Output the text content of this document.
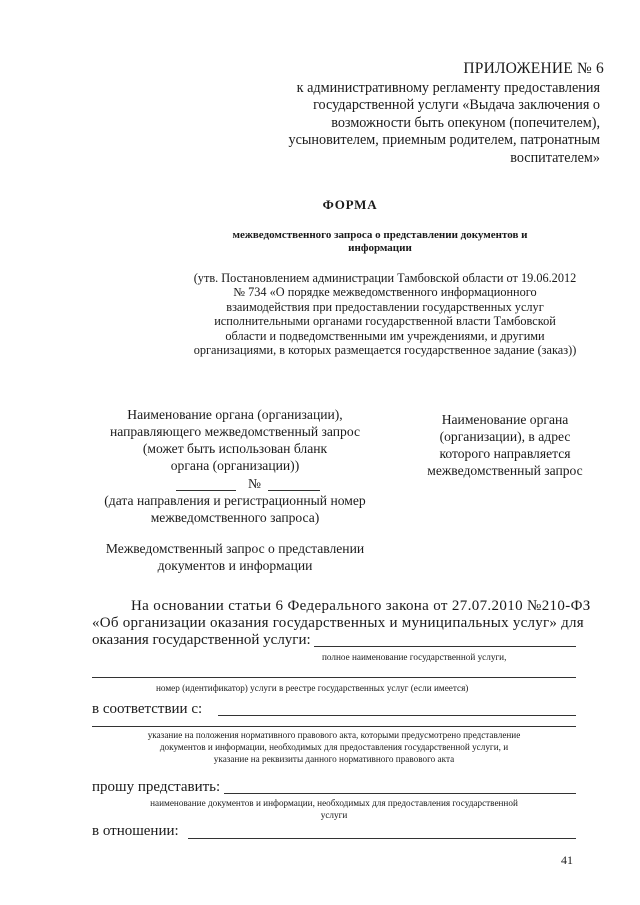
ПРИЛОЖЕНИЕ № 6
к административному регламенту предоставления
государственной услуги «Выдача заключения о
возможности быть опекуном (попечителем),
усыновителем, приемным родителем, патронатным
воспитателем»
ФОРМА
межведомственного запроса о представлении документов и
информации
(утв. Постановлением администрации Тамбовской области от 19.06.2012
№ 734 «О порядке межведомственного информационного
взаимодействия при предоставлении государственных услуг
исполнительными органами государственной власти Тамбовской
области и подведомственными им учреждениями, и другими
организациями, в которых размещается государственное задание (заказ))
Наименование органа (организации),
направляющего межведомственный запрос
(может быть использован бланк
органа (организации))
№
(дата направления и регистрационный номер
межведомственного запроса)
Межведомственный запрос о представлении
документов и информации
Наименование органа
(организации), в адрес
которого направляется
межведомственный запрос
На основании статьи 6 Федерального закона от 27.07.2010 №210-ФЗ
«Об организации оказания государственных и муниципальных услуг» для
оказания государственной услуги:
полное наименование государственной услуги,
номер (идентификатор) услуги в реестре государственных услуг (если имеется)
в соответствии с:
указание на положения нормативного правового акта, которыми предусмотрено представление
документов и информации, необходимых для предоставления государственной услуги, и
указание на реквизиты данного нормативного правового акта
прошу представить:
наименование документов и информации, необходимых для предоставления государственной
услуги
в отношении:
41
